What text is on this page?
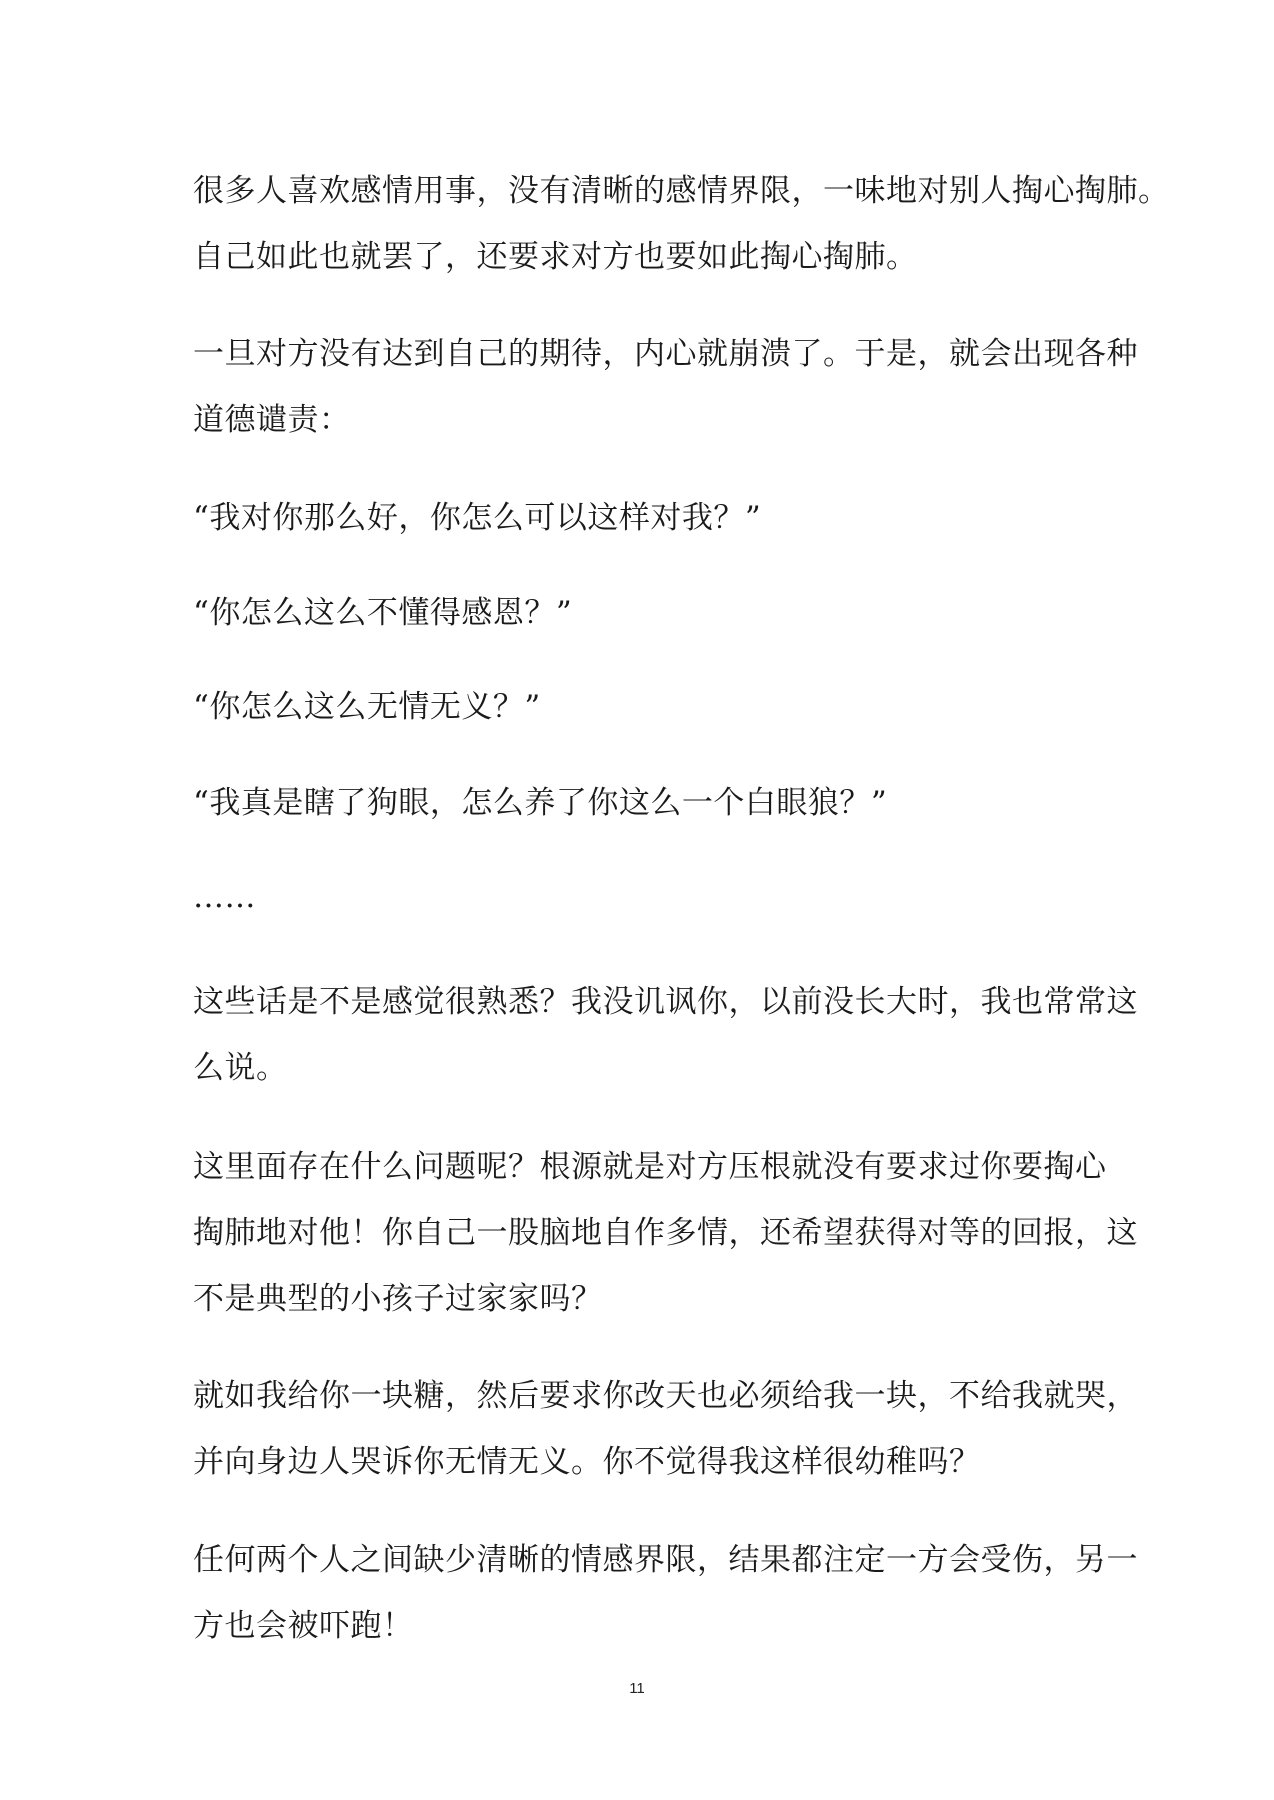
很多人喜欢感情用事，没有清晰的感情界限，一味地对别人掏心掏肺。
自己如此也就罢了，还要求对方也要如此掏心掏肺。

一旦对方没有达到自己的期待，内心就崩溃了。于是，就会出现各种
道德谴责：

“我对你那么好，你怎么可以这样对我？”

“你怎么这么不懂得感恩？”

“你怎么这么无情无义？”

“我真是瞎了狗眼，怎么养了你这么一个白眼狼？”

……

这些话是不是感觉很熟悉？我没讥讽你，以前没长大时，我也常常这
么说。

这里面存在什么问题呢？根源就是对方压根就没有要求过你要掏心
掏肺地对他！你自己一股脑地自作多情，还希望获得对等的回报，这
不是典型的小孩子过家家吗？

就如我给你一块糖，然后要求你改天也必须给我一块，不给我就哭，
并向身边人哭诉你无情无义。你不觉得我这样很幼稚吗？

任何两个人之间缺少清晰的情感界限，结果都注定一方会受伤，另一
方也会被吓跑！

11
